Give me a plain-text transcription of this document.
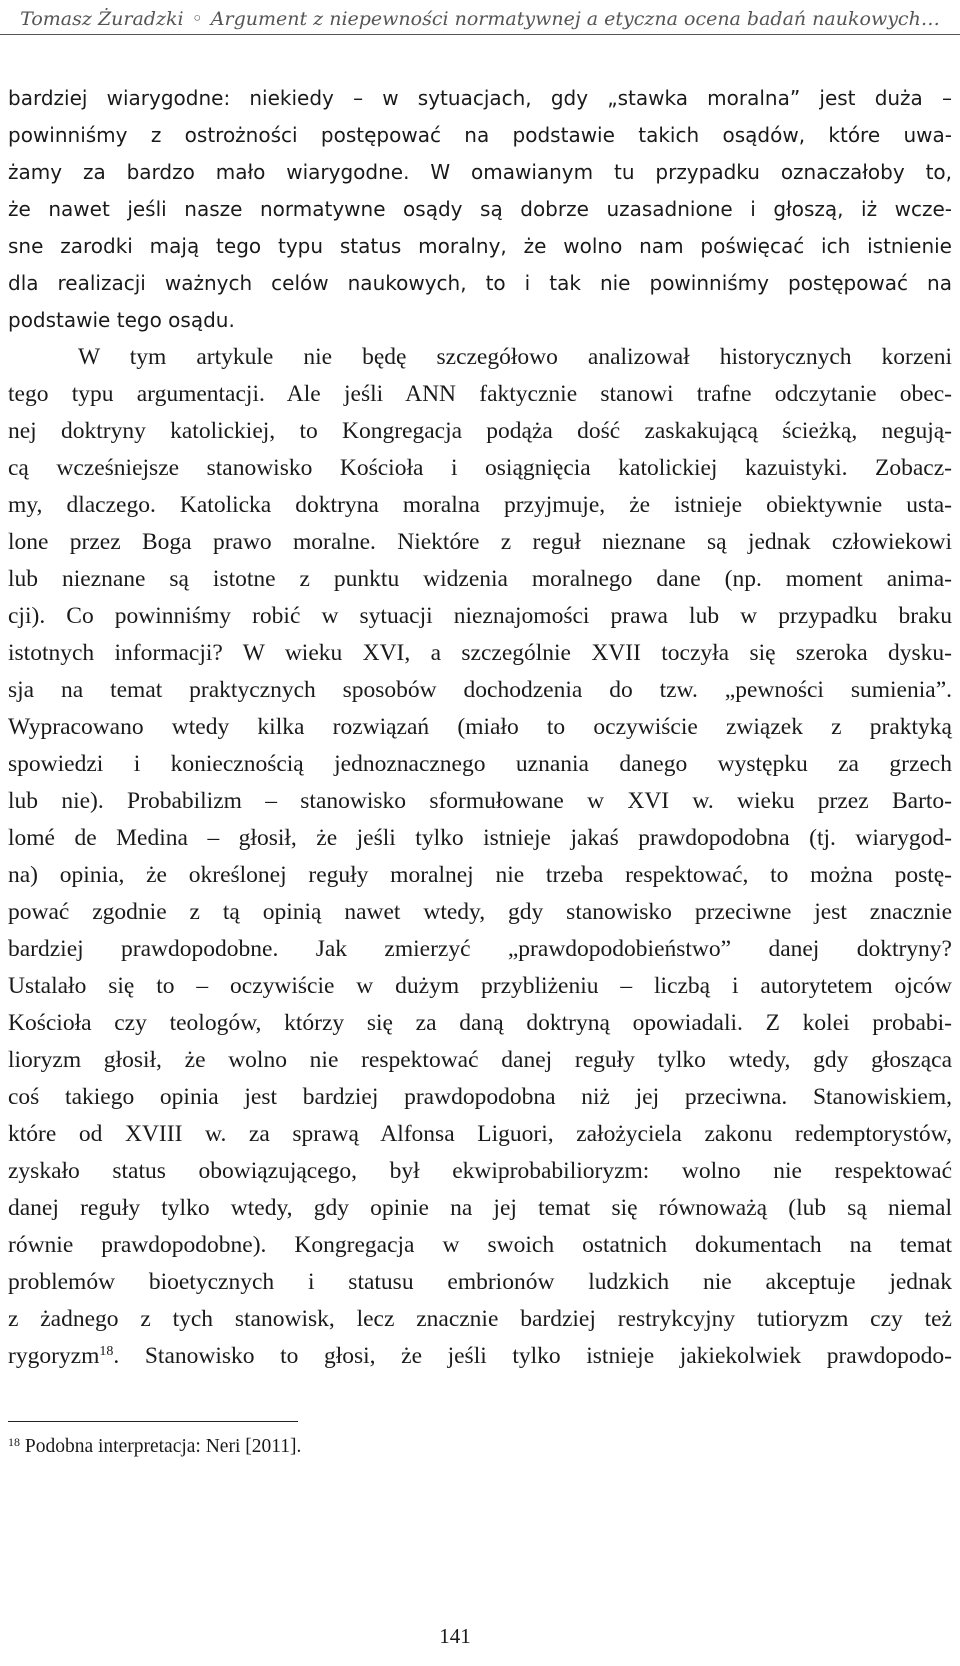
Tomasz Żuradzki ◦ Argument z niepewności normatywnej a etyczna ocena badań naukowych…
bardziej wiarygodne: niekiedy – w sytuacjach, gdy „stawka moralna” jest duża –
powinniśmy z ostrożności postępować na podstawie takich osądów, które uwa-
żamy za bardzo mało wiarygodne. W omawianym tu przypadku oznaczałoby to,
że nawet jeśli nasze normatywne osądy są dobrze uzasadnione i głoszą, iż wcze-
sne zarodki mają tego typu status moralny, że wolno nam poświęcać ich istnienie
dla realizacji ważnych celów naukowych, to i tak nie powinniśmy postępować na
podstawie tego osądu.
W tym artykule nie będę szczegółowo analizował historycznych korzeni
tego typu argumentacji. Ale jeśli ANN faktycznie stanowi trafne odczytanie obec-
nej doktryny katolickiej, to Kongregacja podąża dość zaskakującą ścieżką, negują-
cą wcześniejsze stanowisko Kościoła i osiągnięcia katolickiej kazuistyki. Zobacz-
my, dlaczego. Katolicka doktryna moralna przyjmuje, że istnieje obiektywnie usta-
lone przez Boga prawo moralne. Niektóre z reguł nieznane są jednak człowiekowi
lub nieznane są istotne z punktu widzenia moralnego dane (np. moment anima-
cji). Co powinniśmy robić w sytuacji nieznajomości prawa lub w przypadku braku
istotnych informacji? W wieku XVI, a szczególnie XVII toczyła się szeroka dysku-
sja na temat praktycznych sposobów dochodzenia do tzw. „pewności sumienia”.
Wypracowano wtedy kilka rozwiązań (miało to oczywiście związek z praktyką
spowiedzi i koniecznością jednoznacznego uznania danego występku za grzech
lub nie). Probabilizm – stanowisko sformułowane w XVI w. wieku przez Barto-
lomé de Medina – głosił, że jeśli tylko istnieje jakaś prawdopodobna (tj. wiarygod-
na) opinia, że określonej reguły moralnej nie trzeba respektować, to można postę-
pować zgodnie z tą opinią nawet wtedy, gdy stanowisko przeciwne jest znacznie
bardziej prawdopodobne. Jak zmierzyć „prawdopodobieństwo” danej doktryny?
Ustalało się to – oczywiście w dużym przybliżeniu – liczbą i autorytetem ojców
Kościoła czy teologów, którzy się za daną doktryną opowiadali. Z kolei probabi-
lioryzm głosił, że wolno nie respektować danej reguły tylko wtedy, gdy głosząca
coś takiego opinia jest bardziej prawdopodobna niż jej przeciwna. Stanowiskiem,
które od XVIII w. za sprawą Alfonsa Liguori, założyciela zakonu redemptorystów,
zyskało status obowiązującego, był ekwiprobabilioryzm: wolno nie respektować
danej reguły tylko wtedy, gdy opinie na jej temat się równoważą (lub są niemal
równie prawdopodobne). Kongregacja w swoich ostatnich dokumentach na temat
problemów bioetycznych i statusu embrionów ludzkich nie akceptuje jednak
z żadnego z tych stanowisk, lecz znacznie bardziej restrykcyjny tutioryzm czy też
rygoryzm$^{18}$. Stanowisko to głosi, że jeśli tylko istnieje jakiekolwiek prawdopodo-
$^{18}$ Podobna interpretacja: Neri [2011].
141
